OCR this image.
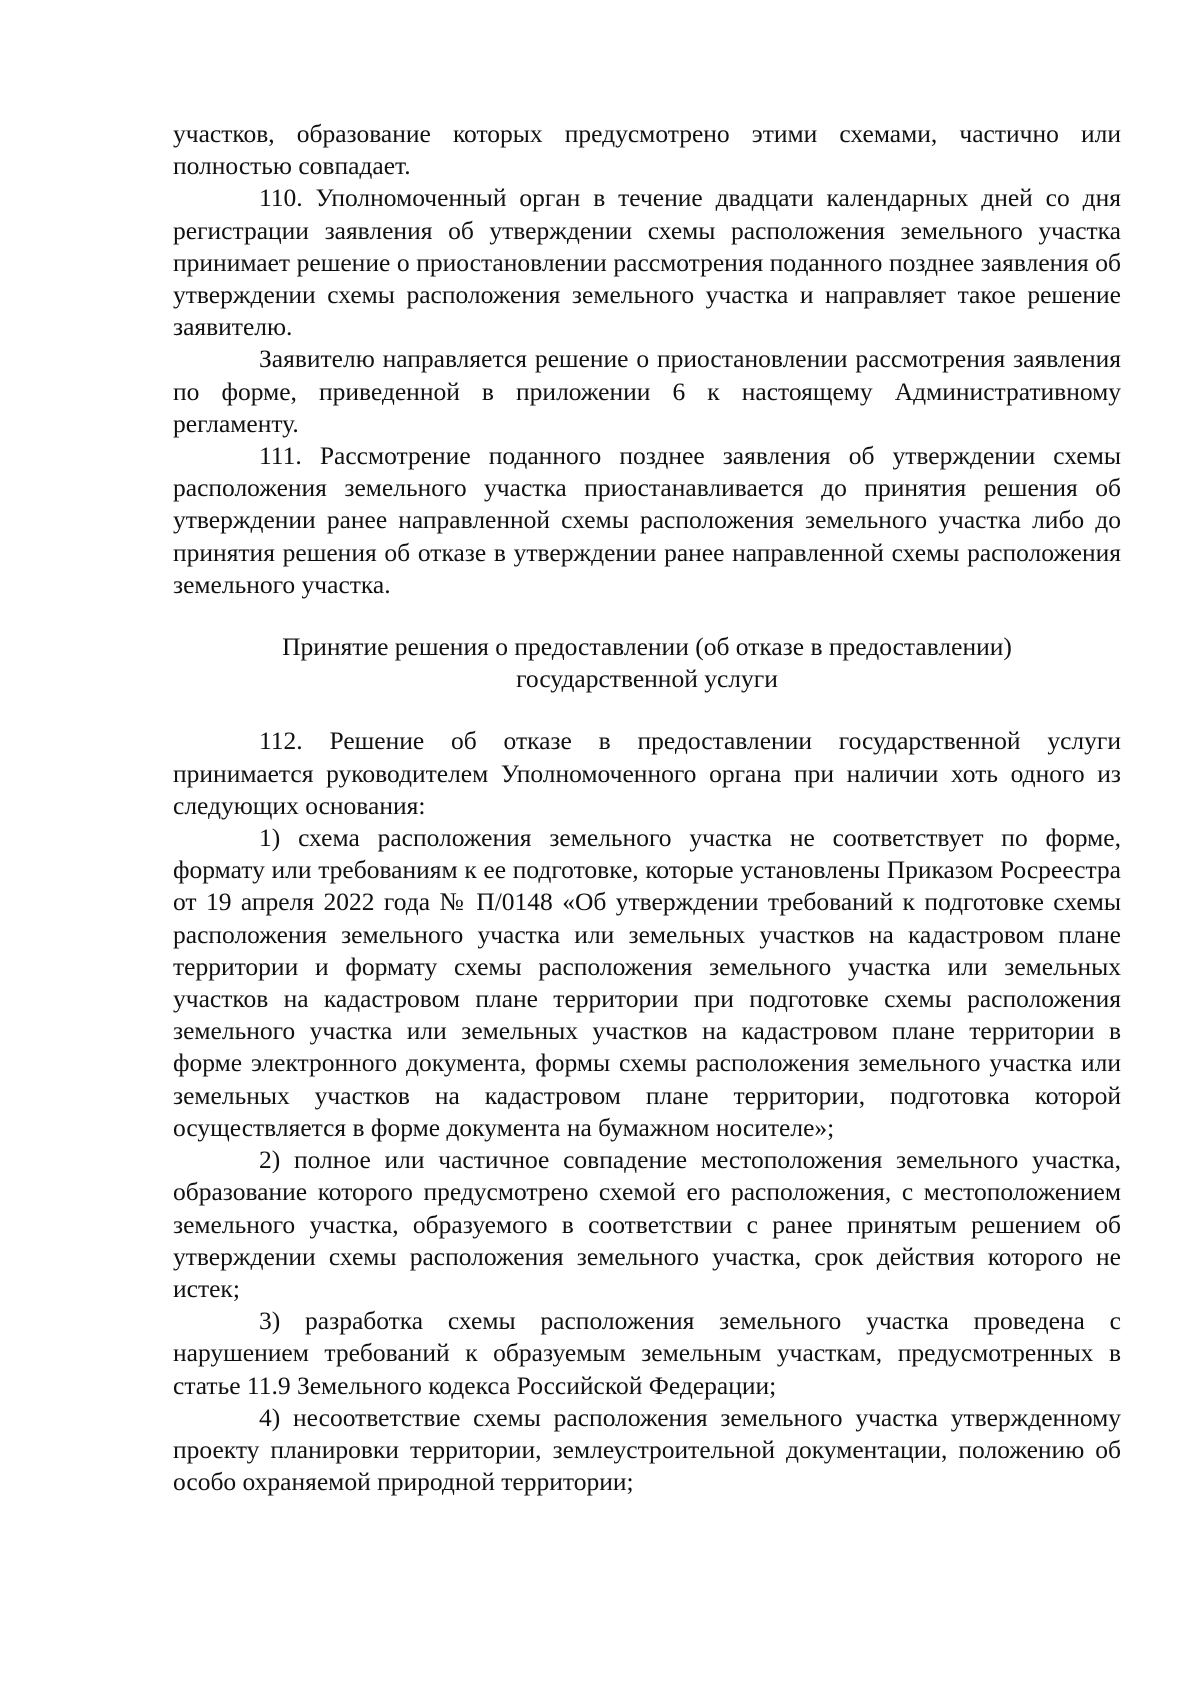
участков, образование которых предусмотрено этими схемами, частично или полностью совпадает.

110. Уполномоченный орган в течение двадцати календарных дней со дня регистрации заявления об утверждении схемы расположения земельного участка принимает решение о приостановлении рассмотрения поданного позднее заявления об утверждении схемы расположения земельного участка и направляет такое решение заявителю.

Заявителю направляется решение о приостановлении рассмотрения заявления по форме, приведенной в приложении 6 к настоящему Административному регламенту.

111. Рассмотрение поданного позднее заявления об утверждении схемы расположения земельного участка приостанавливается до принятия решения об утверждении ранее направленной схемы расположения земельного участка либо до принятия решения об отказе в утверждении ранее направленной схемы расположения земельного участка.

Принятие решения о предоставлении (об отказе в предоставлении)
государственной услуги

112. Решение об отказе в предоставлении государственной услуги принимается руководителем Уполномоченного органа при наличии хоть одного из следующих основания:

1) схема расположения земельного участка не соответствует по форме, формату или требованиям к ее подготовке, которые установлены Приказом Росреестра от 19 апреля 2022 года № П/0148 «Об утверждении требований к подготовке схемы расположения земельного участка или земельных участков на кадастровом плане территории и формату схемы расположения земельного участка или земельных участков на кадастровом плане территории при подготовке схемы расположения земельного участка или земельных участков на кадастровом плане территории в форме электронного документа, формы схемы расположения земельного участка или земельных участков на кадастровом плане территории, подготовка которой осуществляется в форме документа на бумажном носителе»;

2) полное или частичное совпадение местоположения земельного участка, образование которого предусмотрено схемой его расположения, с местоположением земельного участка, образуемого в соответствии с ранее принятым решением об утверждении схемы расположения земельного участка, срок действия которого не истек;

3) разработка схемы расположения земельного участка проведена с нарушением требований к образуемым земельным участкам, предусмотренных в статье 11.9 Земельного кодекса Российской Федерации;

4) несоответствие схемы расположения земельного участка утвержденному проекту планировки территории, землеустроительной документации, положению об особо охраняемой природной территории;
